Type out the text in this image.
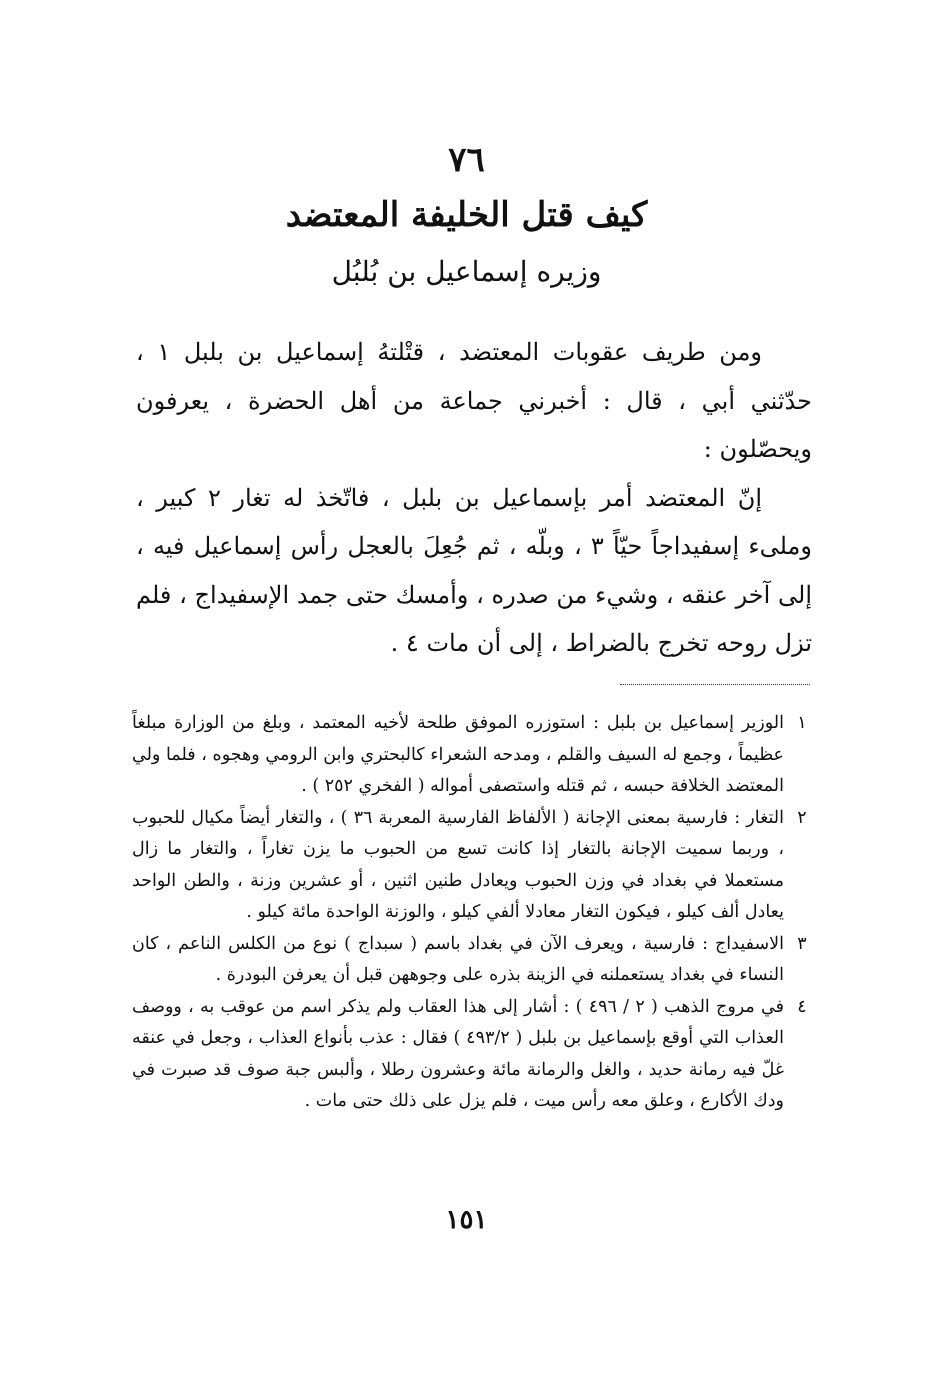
٧٦
كيف قتل الخليفة المعتضد
وزيره إسماعيل بن بُلبُل

ومن طريف عقوبات المعتضد ، قتْلتهُ إسماعيل بن بلبل ١ ، حدّثني أبي ، قال : أخبرني جماعة من أهل الحضرة ، يعرفون ويحصّلون :

إنّ المعتضد أمر بإسماعيل بن بلبل ، فاتّخذ له تغار ٢ كبير ، وملىء إسفيداجاً حيّاً ٣ ، وبلّه ، ثم جُعِلَ بالعجل رأس إسماعيل فيه ، إلى آخر عنقه ، وشيء من صدره ، وأمسك حتى جمد الإسفيداج ، فلم تزل روحه تخرج بالضراط ، إلى أن مات ٤ .

١
الوزير إسماعيل بن بلبل : استوزره الموفق طلحة لأخيه المعتمد ، وبلغ من الوزارة مبلغاً عظيماً ، وجمع له السيف والقلم ، ومدحه الشعراء كالبحتري وابن الرومي وهجوه ، فلما ولي المعتضد الخلافة حبسه ، ثم قتله واستصفى أمواله ( الفخري ٢٥٢ ) .

٢
التغار : فارسية بمعنى الإجانة ( الألفاظ الفارسية المعربة ٣٦ ) ، والتغار أيضاً مكيال للحبوب ، وربما سميت الإجانة بالتغار إذا كانت تسع من الحبوب ما يزن تغاراً ، والتغار ما زال مستعملا في بغداد في وزن الحبوب ويعادل طنين اثنين ، أو عشرين وزنة ، والطن الواحد يعادل ألف كيلو ، فيكون التغار معادلا ألفي كيلو ، والوزنة الواحدة مائة كيلو .

٣
الاسفيداج : فارسية ، ويعرف الآن في بغداد باسم ( سبداج ) نوع من الكلس الناعم ، كان النساء في بغداد يستعملنه في الزينة بذره على وجوههن قبل أن يعرفن البودرة .

٤
في مروج الذهب ( ٢ / ٤٩٦ ) : أشار إلى هذا العقاب ولم يذكر اسم من عوقب به ، ووصف العذاب التي أوقع بإسماعيل بن بلبل ( ٤٩٣/٢ ) فقال : عذب بأنواع العذاب ، وجعل في عنقه غلّ فيه رمانة حديد ، والغل والرمانة مائة وعشرون رطلا ، وألبس جبة صوف قد صبرت في ودك الأكارع ، وعلق معه رأس ميت ، فلم يزل على ذلك حتى مات .

١٥١
